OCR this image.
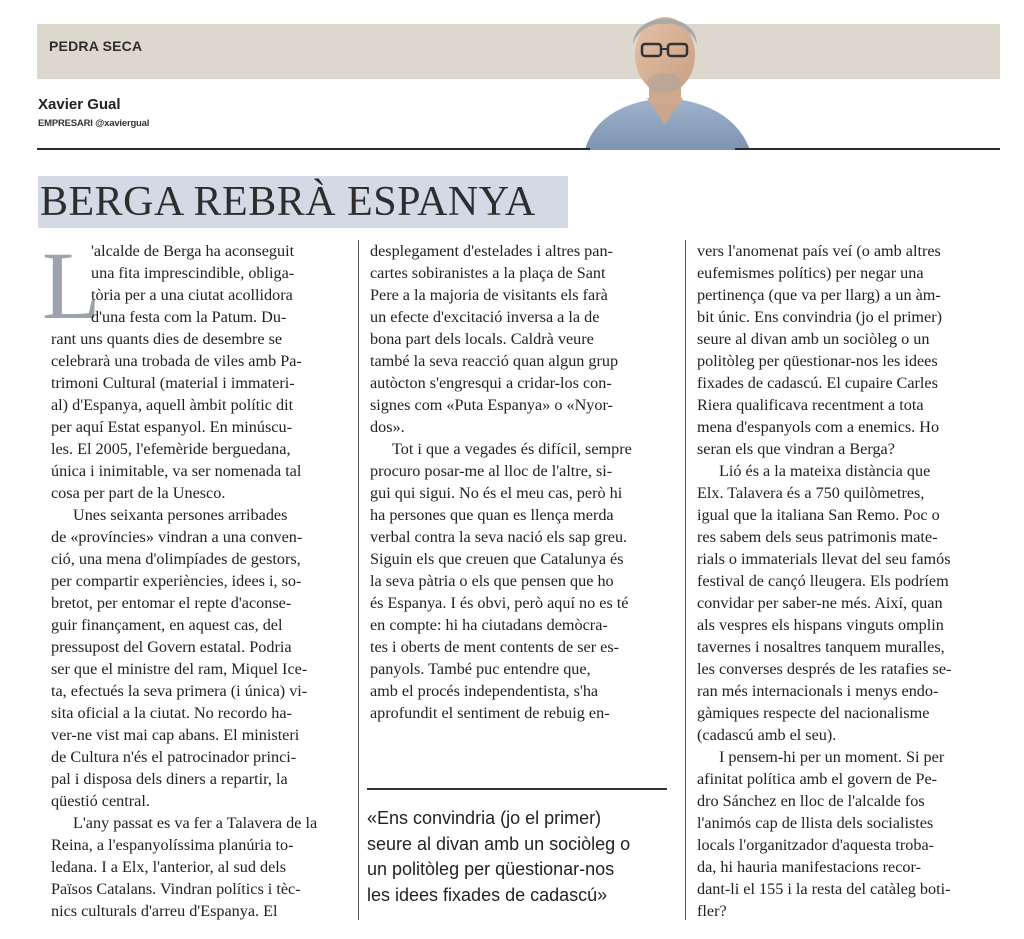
PEDRA SECA
Xavier Gual
EMPRESARI @xaviergual
BERGA REBRÀ ESPANYA
L
'alcalde de Berga ha aconseguit
una fita imprescindible, obliga-
tòria per a una ciutat acollidora
d'una festa com la Patum. Du-
rant uns quants dies de desembre se
celebrarà una trobada de viles amb Pa-
trimoni Cultural (material i immateri-
al) d'Espanya, aquell àmbit polític dit
per aquí Estat espanyol. En minúscu-
les. El 2005, l'efemèride berguedana,
única i inimitable, va ser nomenada tal
cosa per part de la Unesco.
Unes seixanta persones arribades
de «províncies» vindran a una conven-
ció, una mena d'olimpíades de gestors,
per compartir experiències, idees i, so-
bretot, per entomar el repte d'aconse-
guir finançament, en aquest cas, del
pressupost del Govern estatal. Podria
ser que el ministre del ram, Miquel Ice-
ta, efectués la seva primera (i única) vi-
sita oficial a la ciutat. No recordo ha-
ver-ne vist mai cap abans. El ministeri
de Cultura n'és el patrocinador princi-
pal i disposa dels diners a repartir, la
qüestió central.
L'any passat es va fer a Talavera de la
Reina, a l'espanyolíssima planúria to-
ledana. I a Elx, l'anterior, al sud dels
Països Catalans. Vindran polítics i tèc-
nics culturals d'arreu d'Espanya. El
desplegament d'estelades i altres pan-
cartes sobiranistes a la plaça de Sant
Pere a la majoria de visitants els farà
un efecte d'excitació inversa a la de
bona part dels locals. Caldrà veure
també la seva reacció quan algun grup
autòcton s'engresqui a cridar-los con-
signes com «Puta Espanya» o «Nyor-
dos».
Tot i que a vegades és difícil, sempre
procuro posar-me al lloc de l'altre, si-
gui qui sigui. No és el meu cas, però hi
ha persones que quan es llença merda
verbal contra la seva nació els sap greu.
Siguin els que creuen que Catalunya és
la seva pàtria o els que pensen que ho
és Espanya. I és obvi, però aquí no es té
en compte: hi ha ciutadans demòcra-
tes i oberts de ment contents de ser es-
panyols. També puc entendre que,
amb el procés independentista, s'ha
aprofundit el sentiment de rebuig en-
vers l'anomenat país veí (o amb altres
eufemismes polítics) per negar una
pertinença (que va per llarg) a un àm-
bit únic. Ens convindria (jo el primer)
seure al divan amb un sociòleg o un
politòleg per qüestionar-nos les idees
fixades de cadascú. El cupaire Carles
Riera qualificava recentment a tota
mena d'espanyols com a enemics. Ho
seran els que vindran a Berga?
Lió és a la mateixa distància que
Elx. Talavera és a 750 quilòmetres,
igual que la italiana San Remo. Poc o
res sabem dels seus patrimonis mate-
rials o immaterials llevat del seu famós
festival de cançó lleugera. Els podríem
convidar per saber-ne més. Així, quan
als vespres els hispans vinguts omplin
tavernes i nosaltres tanquem muralles,
les converses després de les ratafies se-
ran més internacionals i menys endo-
gàmiques respecte del nacionalisme
(cadascú amb el seu).
I pensem-hi per un moment. Si per
afinitat política amb el govern de Pe-
dro Sánchez en lloc de l'alcalde fos
l'animós cap de llista dels socialistes
locals l'organitzador d'aquesta troba-
da, hi hauria manifestacions recor-
dant-li el 155 i la resta del catàleg boti-
fler?
«Ens convindria (jo el primer)
seure al divan amb un sociòleg o
un politòleg per qüestionar-nos
les idees fixades de cadascú»
